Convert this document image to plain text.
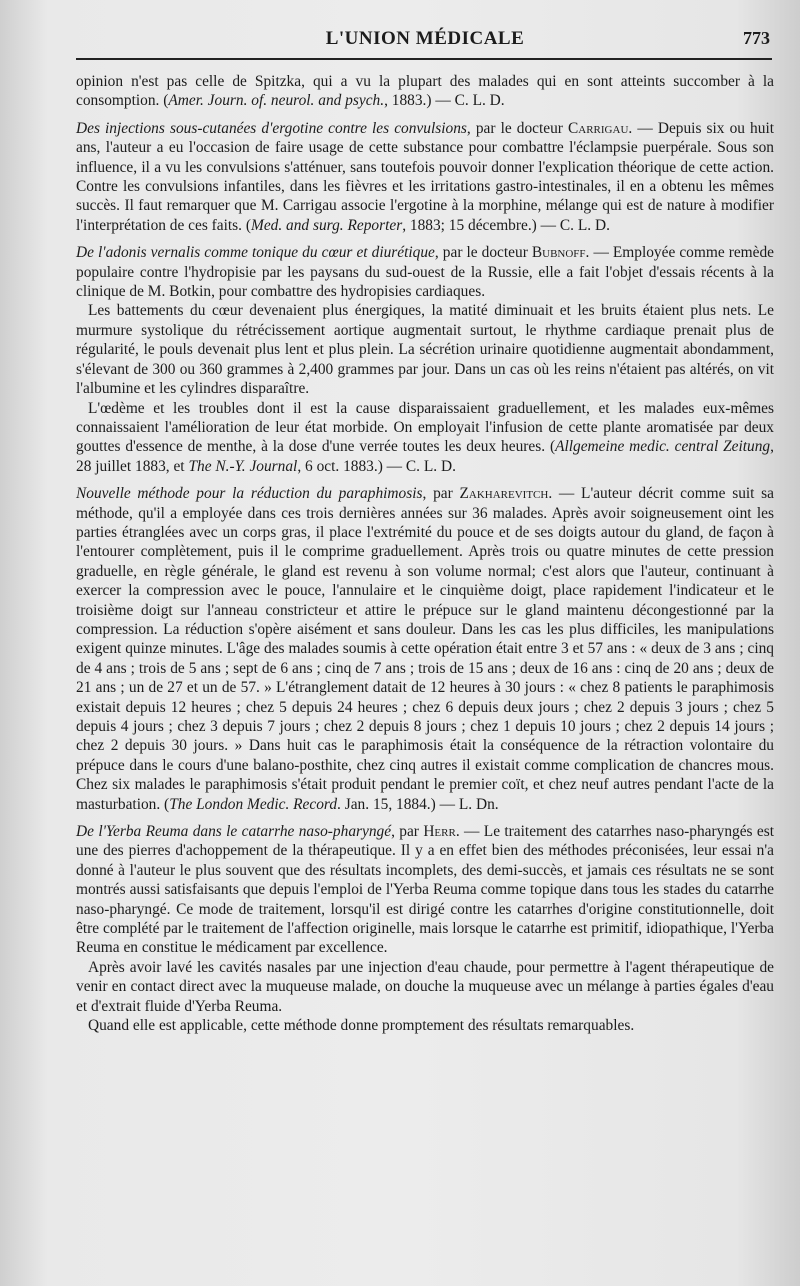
L'UNION MÉDICALE	773

opinion n'est pas celle de Spitzka, qui a vu la plupart des malades qui en sont atteints succomber à la consomption. (Amer. Journ. of. neurol. and psych., 1883.) — C. L. D.

Des injections sous-cutanées d'ergotine contre les convulsions, par le docteur Carrigau. — Depuis six ou huit ans, l'auteur a eu l'occasion de faire usage de cette substance pour combattre l'éclampsie puerpérale. Sous son influence, il a vu les convulsions s'atténuer, sans toutefois pouvoir donner l'explication théorique de cette action. Contre les convulsions infantiles, dans les fièvres et les irritations gastro-intestinales, il en a obtenu les mêmes succès. Il faut remarquer que M. Carrigau associe l'ergotine à la morphine, mélange qui est de nature à modifier l'interprétation de ces faits. (Med. and surg. Reporter, 1883; 15 décembre.) — C. L. D.

De l'adonis vernalis comme tonique du cœur et diurétique, par le docteur Bubnoff. — Employée comme remède populaire contre l'hydropisie par les paysans du sud-ouest de la Russie, elle a fait l'objet d'essais récents à la clinique de M. Botkin, pour combattre des hydropisies cardiaques.

Les battements du cœur devenaient plus énergiques, la matité diminuait et les bruits étaient plus nets. Le murmure systolique du rétrécissement aortique augmentait surtout, le rhythme cardiaque prenait plus de régularité, le pouls devenait plus lent et plus plein. La sécrétion urinaire quotidienne augmentait abondamment, s'élevant de 300 ou 360 grammes à 2,400 grammes par jour. Dans un cas où les reins n'étaient pas altérés, on vit l'albumine et les cylindres disparaître.

L'œdème et les troubles dont il est la cause disparaissaient graduellement, et les malades eux-mêmes connaissaient l'amélioration de leur état morbide. On employait l'infusion de cette plante aromatisée par deux gouttes d'essence de menthe, à la dose d'une verrée toutes les deux heures. (Allgemeine medic. central Zeitung, 28 juillet 1883, et The N.-Y. Journal, 6 oct. 1883.) — C. L. D.

Nouvelle méthode pour la réduction du paraphimosis, par Zakharevitch. — L'auteur décrit comme suit sa méthode, qu'il a employée dans ces trois dernières années sur 36 malades. Après avoir soigneusement oint les parties étranglées avec un corps gras, il place l'extrémité du pouce et de ses doigts autour du gland, de façon à l'entourer complètement, puis il le comprime graduellement. Après trois ou quatre minutes de cette pression graduelle, en règle générale, le gland est revenu à son volume normal; c'est alors que l'auteur, continuant à exercer la compression avec le pouce, l'annulaire et le cinquième doigt, place rapidement l'indicateur et le troisième doigt sur l'anneau constricteur et attire le prépuce sur le gland maintenu décongestionné par la compression. La réduction s'opère aisément et sans douleur. Dans les cas les plus difficiles, les manipulations exigent quinze minutes. L'âge des malades soumis à cette opération était entre 3 et 57 ans : « deux de 3 ans ; cinq de 4 ans ; trois de 5 ans ; sept de 6 ans ; cinq de 7 ans ; trois de 15 ans ; deux de 16 ans : cinq de 20 ans ; deux de 21 ans ; un de 27 et un de 57. » L'étranglement datait de 12 heures à 30 jours : « chez 8 patients le paraphimosis existait depuis 12 heures ; chez 5 depuis 24 heures ; chez 6 depuis deux jours ; chez 2 depuis 3 jours ; chez 5 depuis 4 jours ; chez 3 depuis 7 jours ; chez 2 depuis 8 jours ; chez 1 depuis 10 jours ; chez 2 depuis 14 jours ; chez 2 depuis 30 jours. » Dans huit cas le paraphimosis était la conséquence de la rétraction volontaire du prépuce dans le cours d'une balano-posthite, chez cinq autres il existait comme complication de chancres mous. Chez six malades le paraphimosis s'était produit pendant le premier coït, et chez neuf autres pendant l'acte de la masturbation. (The London Medic. Record. Jan. 15, 1884.) — L. Dn.

De l'Yerba Reuma dans le catarrhe naso-pharyngé, par Herr. — Le traitement des catarrhes naso-pharyngés est une des pierres d'achoppement de la thérapeutique. Il y a en effet bien des méthodes préconisées, leur essai n'a donné à l'auteur le plus souvent que des résultats incomplets, des demi-succès, et jamais ces résultats ne se sont montrés aussi satisfaisants que depuis l'emploi de l'Yerba Reuma comme topique dans tous les stades du catarrhe naso-pharyngé. Ce mode de traitement, lorsqu'il est dirigé contre les catarrhes d'origine constitutionnelle, doit être complété par le traitement de l'affection originelle, mais lorsque le catarrhe est primitif, idiopathique, l'Yerba Reuma en constitue le médicament par excellence.

Après avoir lavé les cavités nasales par une injection d'eau chaude, pour permettre à l'agent thérapeutique de venir en contact direct avec la muqueuse malade, on douche la muqueuse avec un mélange à parties égales d'eau et d'extrait fluide d'Yerba Reuma.

Quand elle est applicable, cette méthode donne promptement des résultats remarquables.
